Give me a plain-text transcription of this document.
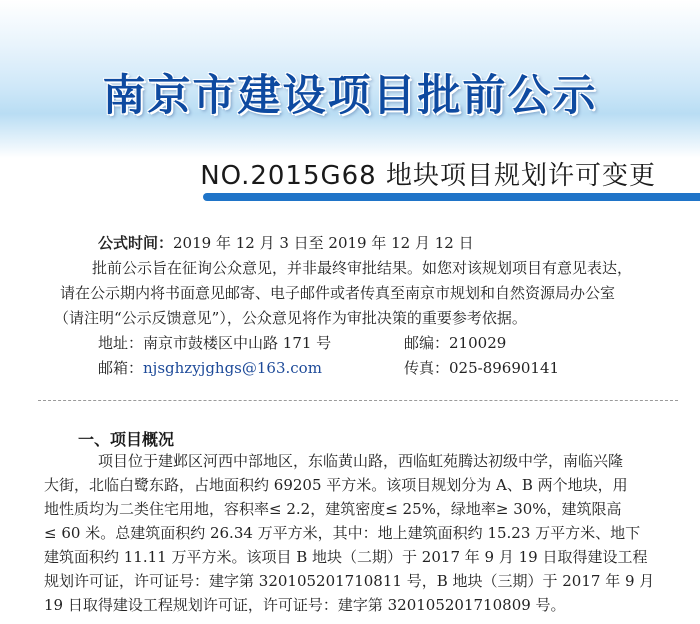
南京市建设项目批前公示
NO.2015G68 地块项目规划许可变更
公式时间：2019 年 12 月 3 日至 2019 年 12 月 12 日
批前公示旨在征询公众意见，并非最终审批结果。如您对该规划项目有意见表达，
请在公示期内将书面意见邮寄、电子邮件或者传真至南京市规划和自然资源局办公室
（请注明“公示反馈意见”），公众意见将作为审批决策的重要参考依据。
地址：南京市鼓楼区中山路 171 号	邮编：210029
邮箱：njsghzyjghgs@163.com	传真：025-89690141
一、项目概况
项目位于建邺区河西中部地区，东临黄山路，西临虹苑腾达初级中学，南临兴隆
大街，北临白鹭东路，占地面积约 69205 平方米。该项目规划分为 A、B 两个地块，用
地性质均为二类住宅用地，容积率≤ 2.2，建筑密度≤ 25%，绿地率≥ 30%，建筑限高
≤ 60 米。总建筑面积约 26.34 万平方米，其中：地上建筑面积约 15.23 万平方米、地下
建筑面积约 11.11 万平方米。该项目 B 地块（二期）于 2017 年 9 月 19 日取得建设工程
规划许可证，许可证号：建字第 320105201710811 号，B 地块（三期）于 2017 年 9 月
19 日取得建设工程规划许可证，许可证号：建字第 320105201710809 号。
